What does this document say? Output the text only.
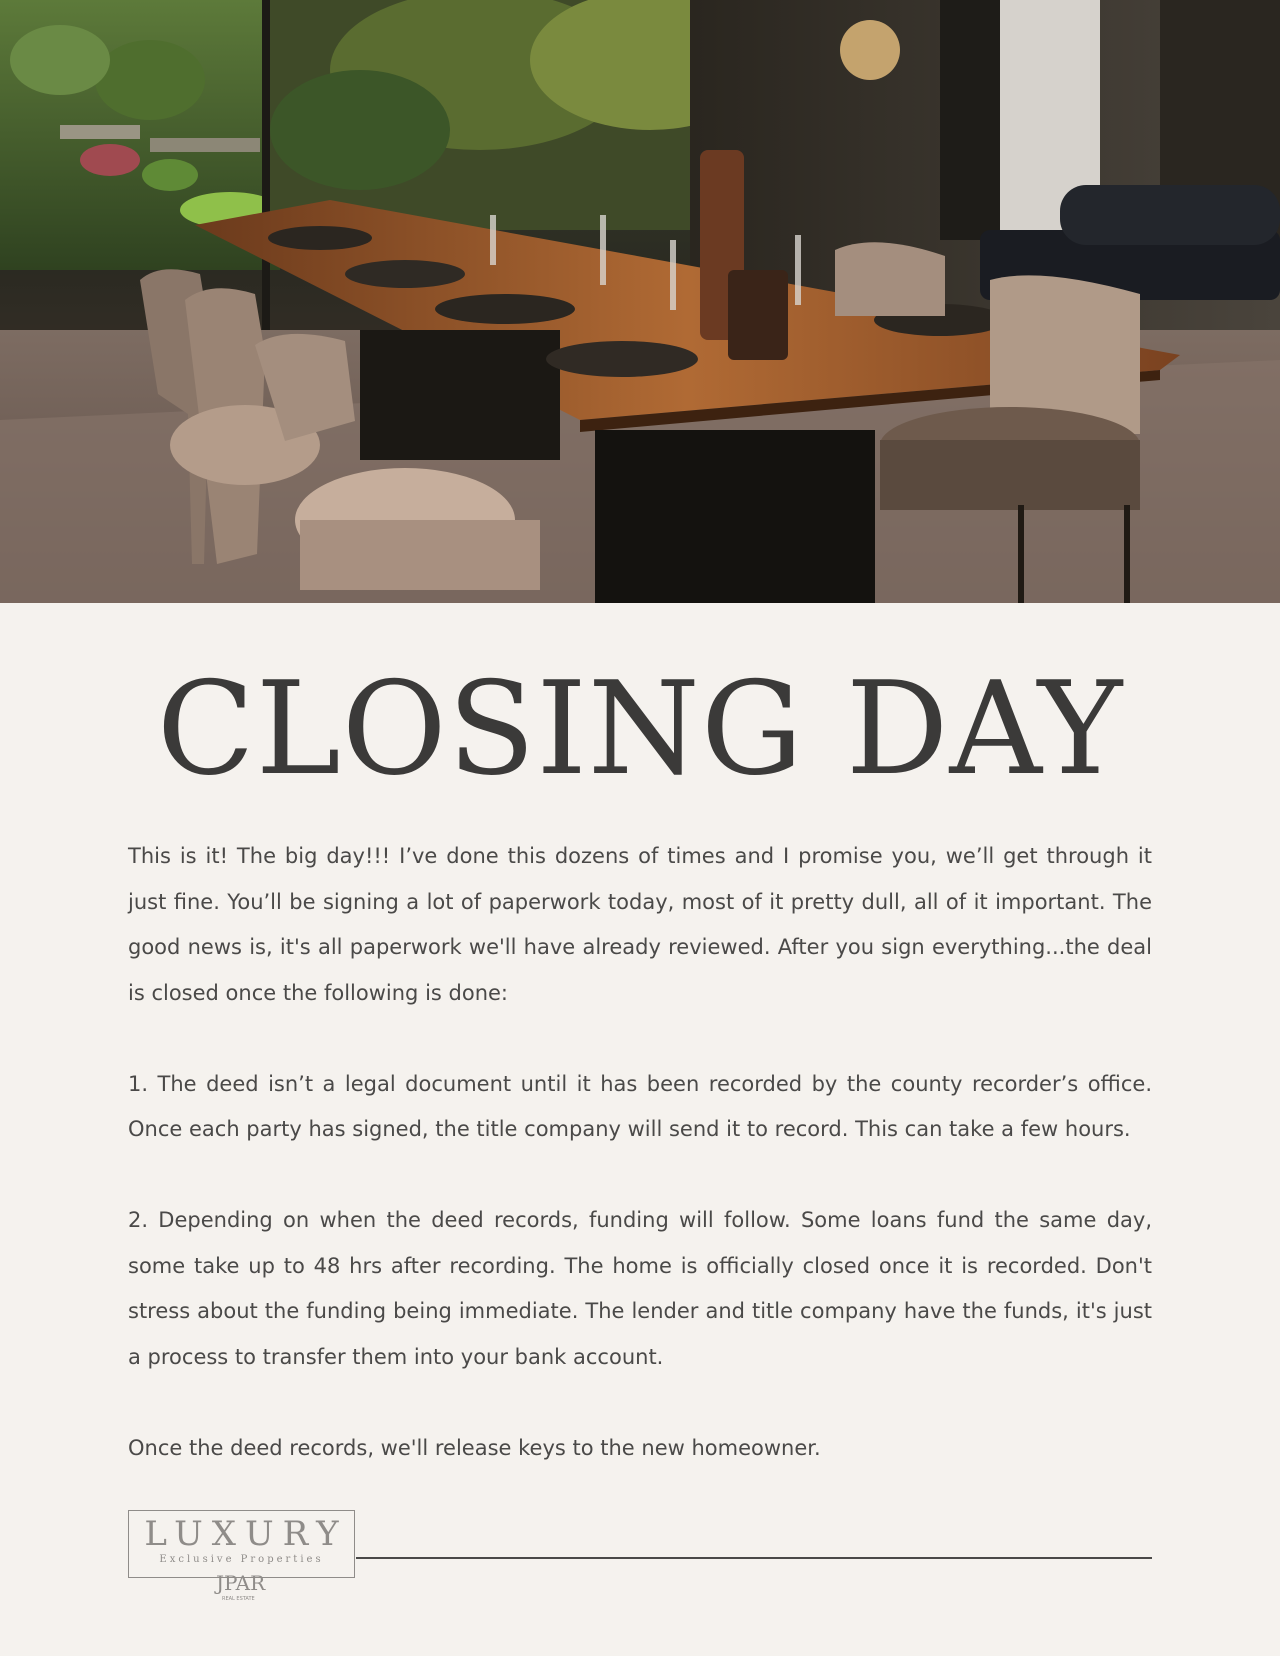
CLOSING DAY

This is it! The big day!!! I’ve done this dozens of times and I promise you, we’ll get through it just fine. You’ll be signing a lot of paperwork today, most of it pretty dull, all of it important. The good news is, it's all paperwork we'll have already reviewed. After you sign everything...the deal is closed once the following is done:

1. The deed isn’t a legal document until it has been recorded by the county recorder’s office. Once each party has signed, the title company will send it to record. This can take a few hours.

2. Depending on when the deed records, funding will follow. Some loans fund the same day, some take up to 48 hrs after recording. The home is officially closed once it is recorded. Don't stress about the funding being immediate. The lender and title company have the funds, it's just a process to transfer them into your bank account.

Once the deed records, we'll release keys to the new homeowner.

LUXURY
Exclusive Properties
JPAR
REAL ESTATE
